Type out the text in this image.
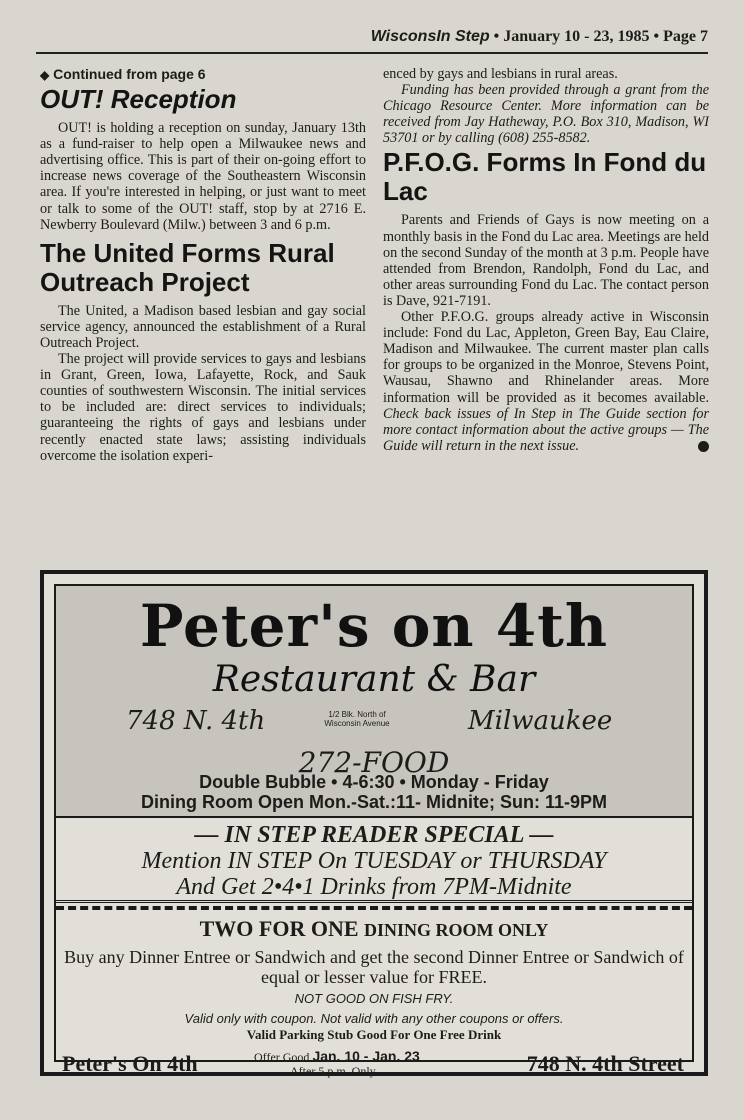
WisconsIn Step • January 10 - 23, 1985 • Page 7
◆ Continued from page 6
OUT! Reception

OUT! is holding a reception on sunday, January 13th as a fund-raiser to help open a Milwaukee news and advertising office. This is part of their on-going effort to increase news coverage of the Southeastern Wisconsin area. If you're interested in helping, or just want to meet or talk to some of the OUT! staff, stop by at 2716 E. Newberry Boulevard (Milw.) between 3 and 6 p.m.

The United Forms Rural Outreach Project

The United, a Madison based lesbian and gay social service agency, announced the establishment of a Rural Outreach Project.

The project will provide services to gays and lesbians in Grant, Green, Iowa, Lafayette, Rock, and Sauk counties of southwestern Wisconsin. The initial services to be included are: direct services to individuals; guaranteeing the rights of gays and lesbians under recently enacted state laws; assisting individuals overcome the isolation experi-

enced by gays and lesbians in rural areas.

Funding has been provided through a grant from the Chicago Resource Center. More information can be received from Jay Hatheway, P.O. Box 310, Madison, WI 53701 or by calling (608) 255-8582.

P.F.O.G. Forms In Fond du Lac

Parents and Friends of Gays is now meeting on a monthly basis in the Fond du Lac area. Meetings are held on the second Sunday of the month at 3 p.m. People have attended from Brendon, Randolph, Fond du Lac, and other areas surrounding Fond du Lac. The contact person is Dave, 921-7191.

Other P.F.O.G. groups already active in Wisconsin include: Fond du Lac, Appleton, Green Bay, Eau Claire, Madison and Milwaukee. The current master plan calls for groups to be organized in the Monroe, Stevens Point, Wausau, Shawno and Rhinelander areas. More information will be provided as it becomes available. Check back issues of In Step in The Guide section for more contact information about the active groups — The Guide will return in the next issue.

Peter's on 4th
Restaurant & Bar
748 N. 4th	1/2 Blk. North of Wisconsin Avenue	Milwaukee
272-FOOD
Double Bubble • 4-6:30 • Monday - Friday
Dining Room Open Mon.-Sat.:11- Midnite; Sun: 11-9PM
— IN STEP READER SPECIAL —
Mention IN STEP On TUESDAY or THURSDAY
And Get 2•4•1 Drinks from 7PM-Midnite
TWO FOR ONE DINING ROOM ONLY
Buy any Dinner Entree or Sandwich and get the second Dinner Entree or Sandwich of equal or lesser value for FREE.
NOT GOOD ON FISH FRY.
Valid only with coupon. Not valid with any other coupons or offers.
Valid Parking Stub Good For One Free Drink
Peter's On 4th	Offer Good Jan. 10 - Jan. 23
After 5 p.m. Only	748 N. 4th Street
